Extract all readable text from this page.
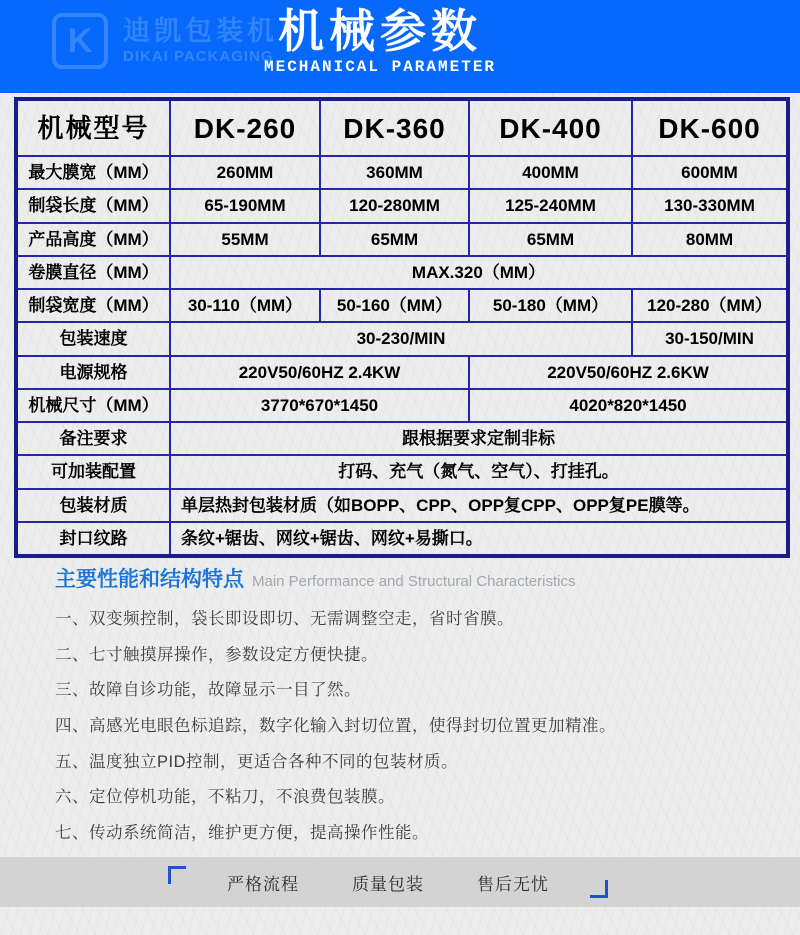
K	迪凯包装机
DIKAI PACKAGING 机械参数
MECHANICAL PARAMETER
机械型号	DK-260	DK-360	DK-400	DK-600
最大膜宽（MM）	260MM	360MM	400MM	600MM
制袋长度（MM）	65-190MM	120-280MM	125-240MM	130-330MM
产品高度（MM）	55MM	65MM	65MM	80MM
卷膜直径（MM）	MAX.320（MM）			
制袋宽度（MM）	30-110（MM）	50-160（MM）	50-180（MM）	120-280（MM）
包装速度	30-230/MIN			30-150/MIN
电源规格	220V50/60HZ 2.4KW		220V50/60HZ 2.6KW	
机械尺寸（MM）	3770*670*1450		4020*820*1450	
备注要求	跟根据要求定制非标			
可加装配置	打码、充气（氮气、空气）、打挂孔。			
包装材质	单层热封包装材质（如BOPP、CPP、OPP复CPP、OPP复PE膜等。			
封口纹路	条纹+锯齿、网纹+锯齿、网纹+易撕口。			
主要性能和结构特点 Main Performance and Structural Characteristics
一、双变频控制，袋长即设即切、无需调整空走，省时省膜。
二、七寸触摸屏操作，参数设定方便快捷。
三、故障自诊功能，故障显示一目了然。
四、高感光电眼色标追踪，数字化输入封切位置，使得封切位置更加精准。
五、温度独立PID控制，更适合各种不同的包装材质。
六、定位停机功能，不粘刀，不浪费包装膜。
七、传动系统简洁，维护更方便，提高操作性能。
严格流程	质量包装	售后无忧
